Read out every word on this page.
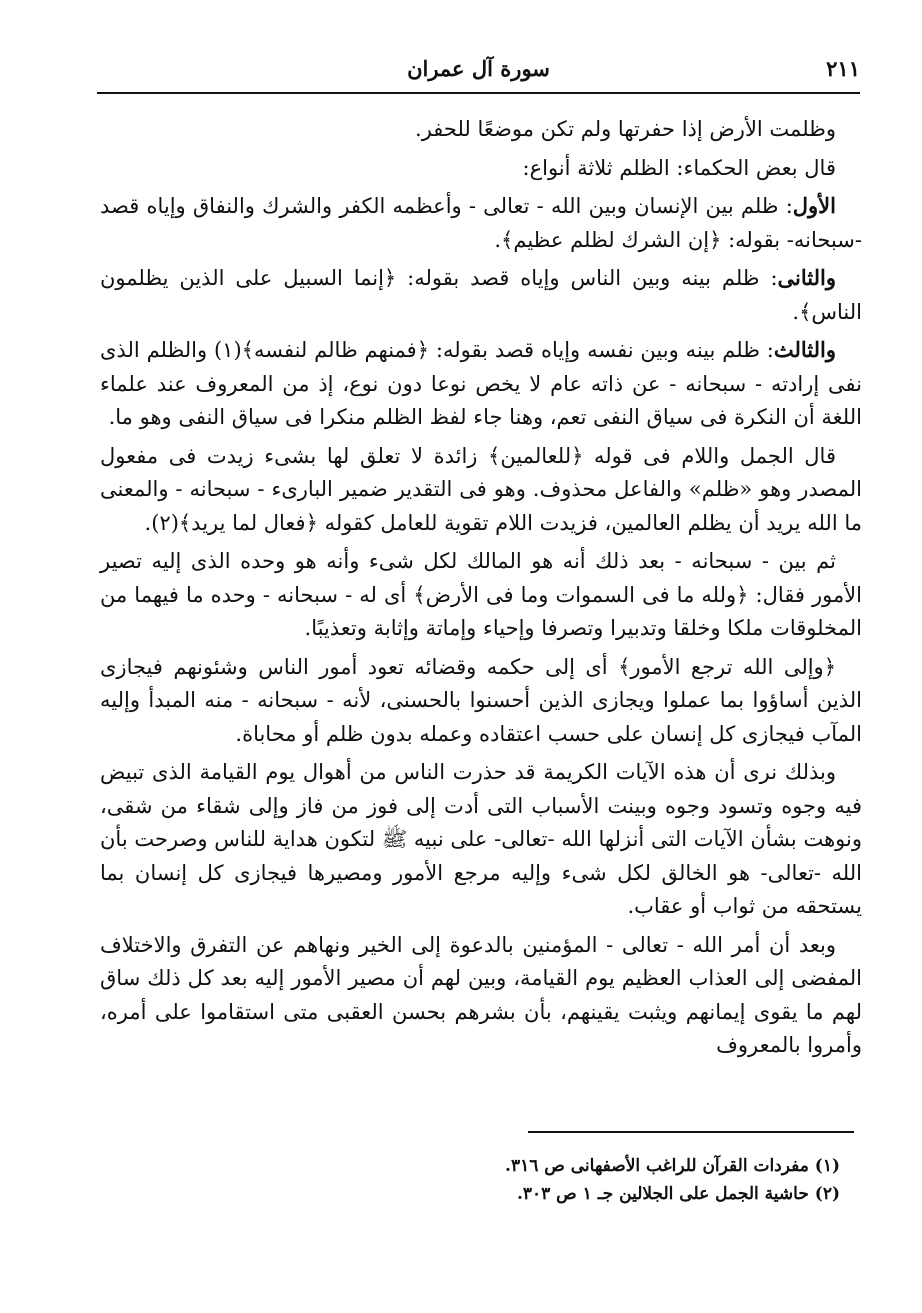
سورة آل عمران	٢١١

وظلمت الأرض إذا حفرتها ولم تكن موضعًا للحفر.

قال بعض الحكماء: الظلم ثلاثة أنواع:

الأول: ظلم بين الإنسان وبين الله - تعالى - وأعظمه الكفر والشرك والنفاق وإياه قصد -سبحانه- بقوله: ﴿إن الشرك لظلم عظيم﴾.

والثانى: ظلم بينه وبين الناس وإياه قصد بقوله: ﴿إنما السبيل على الذين يظلمون الناس﴾.

والثالث: ظلم بينه وبين نفسه وإياه قصد بقوله: ﴿فمنهم ظالم لنفسه﴾(١) والظلم الذى نفى إرادته - سبحانه - عن ذاته عام لا يخص نوعا دون نوع، إذ من المعروف عند علماء اللغة أن النكرة فى سياق النفى تعم، وهنا جاء لفظ الظلم منكرا فى سياق النفى وهو ما.

قال الجمل واللام فى قوله ﴿للعالمين﴾ زائدة لا تعلق لها بشىء زيدت فى مفعول المصدر وهو «ظلم» والفاعل محذوف. وهو فى التقدير ضمير البارىء - سبحانه - والمعنى ما الله يريد أن يظلم العالمين، فزيدت اللام تقوية للعامل كقوله ﴿فعال لما يريد﴾(٢).

ثم بين - سبحانه - بعد ذلك أنه هو المالك لكل شىء وأنه هو وحده الذى إليه تصير الأمور فقال: ﴿ولله ما فى السموات وما فى الأرض﴾ أى له - سبحانه - وحده ما فيهما من المخلوقات ملكا وخلقا وتدبيرا وتصرفا وإحياء وإماتة وإثابة وتعذيبًا.

﴿وإلى الله ترجع الأمور﴾ أى إلى حكمه وقضائه تعود أمور الناس وشئونهم فيجازى الذين أساؤوا بما عملوا ويجازى الذين أحسنوا بالحسنى، لأنه - سبحانه - منه المبدأ وإليه المآب فيجازى كل إنسان على حسب اعتقاده وعمله بدون ظلم أو محاباة.

وبذلك نرى أن هذه الآيات الكريمة قد حذرت الناس من أهوال يوم القيامة الذى تبيض فيه وجوه وتسود وجوه وبينت الأسباب التى أدت إلى فوز من فاز وإلى شقاء من شقى، ونوهت بشأن الآيات التى أنزلها الله -تعالى- على نبيه ﷺ لتكون هداية للناس وصرحت بأن الله -تعالى- هو الخالق لكل شىء وإليه مرجع الأمور ومصيرها فيجازى كل إنسان بما يستحقه من ثواب أو عقاب.

وبعد أن أمر الله - تعالى - المؤمنين بالدعوة إلى الخير ونهاهم عن التفرق والاختلاف المفضى إلى العذاب العظيم يوم القيامة، وبين لهم أن مصير الأمور إليه بعد كل ذلك ساق لهم ما يقوى إيمانهم ويثبت يقينهم، بأن بشرهم بحسن العقبى متى استقاموا على أمره، وأمروا بالمعروف

(١) مفردات القرآن للراغب الأصفهانى ص ٣١٦.
(٢) حاشية الجمل على الجلالين جـ ١ ص ٣٠٣.
